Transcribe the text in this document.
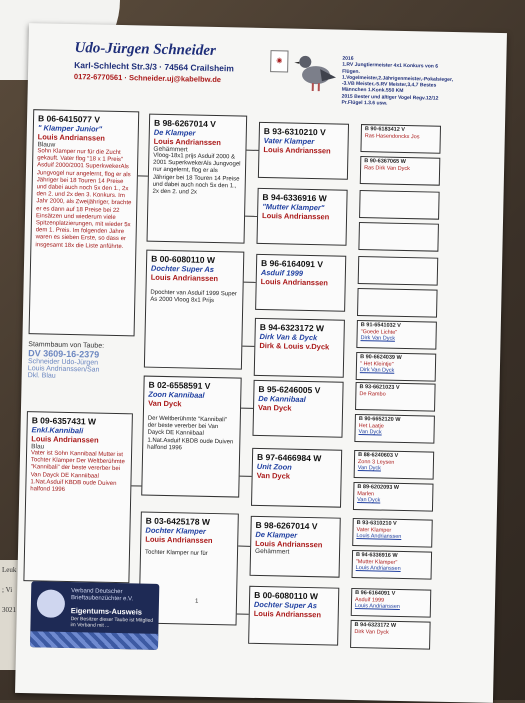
Leuk
; Vi
3021
Udo-Jürgen Schneider
Karl-Schlecht Str.3/3 · 74564 Crailsheim
0172-6770561 · Schneider.uj@kabelbw.de
◉	2016
1.RV Jungtiermeister 4x1 Konkurs von 6
Flügen.
1.Vogelmeister,2.Jährigenmeister,-Pokalsieger,
-3.VB Meister,-5.RV Meister,3,4,7 Bestes
Männchen 1.Konk.550 KM
2015 Bester und ältiger Vogel Regv.12/12
Pr.Flügel 1.3.6 usw.
B 06-6415077 V
" Klamper Junior"
Louis Andrianssen
Blauw
Sohn Klamper nur für die Zucht gekauft. Vater flog "18 x 1 Preis" Asduif 2000/2001 SuperkwekerAls Jungvogel nur angelernt, flog er als Jähriger bei 18 Touren 14 Preise und dabei auch noch 5x den 1., 2x den 2. und 2x den 3. Konkurs. Im Jahr 2000, als Zweijähriger, brachte er es dann auf 18 Preise bei 22 Einsätzen und wiederum viele Spitzenplatzierungen, mit wieder 5x dem 1. Preis. Im folgenden Jahre waren es sieben Erste, so dass er insgesamt 18x die Liste anführte.
Stammbaum von Taube:
DV 3609-16-2379
Schneider Udo-Jürgen
Louis Andrianssen/San
Dkl. Blau
B 09-6357431 W
Enkl.Kannibali
Louis Andrianssen
Blau
Vater ist Sohn Kannibaal Mutter ist Tochter Klamper Der Weltberühmte "Kannibali" der beste vererber bei Van Dayck DE Kanniibaal 1.Nat.Asduif KBDB oude Duiven halfond 1996
B 98-6267014 V
De Klamper
Louis Andrianssen
Gehämmert
Vloog-18x1 prijs Asduif 2000 & 2001 SuperkwekerAls Jungvogel nur angelernt, flog er als Jähriger bei 18 Touren 14 Preise und dabei auch noch 5x den 1., 2x den 2. und 2x
B 00-6080110 W
Dochter Super As
Louis Andrianssen
Dpochter van Asduif 1999 Super As 2000 Vloog 8x1 Prijs
B 02-6558591 V
Zoon Kannibaal
Van Dyck
Der Weltberühmte "Kannibali" der beste vererber bei Van Dayck DE Kanniibaal 1.Nat.Asduif KBDB oude Duiven halfond 1996
B 03-6425178 W
Dochter Klamper
Louis Andrianssen
Tochter Klamper nur für
1
B 93-6310210 V
Vater Klamper
Louis Andrianssen
B 94-6336916 W
"Mutter Klamper"
Louis Andrianssen
B 96-6164091 V
Asduif 1999
Louis Andrianssen
B 94-6323172 W
Dirk Van & Dyck
Dirk & Louis v.Dyck
B 95-6246005 V
De Kannibaal
Van Dyck
B 97-6466984 W
Unit Zoon
Van Dyck
B 98-6267014 V
De Klamper
Louis Andrianssen
Gehämmert
B 00-6080110 W
Dochter Super As
Louis Andrianssen
B 90-6183412 V
Ras Hasendonckx Jos
B 90-6367065 W
Ras Dirk Van Dyck
B 91-6541032 V
"Goede Lichte"
Dirk Van Dyck
B 90-6624039 W
" Het Kleintje"
Dirk Van Dyck
B 93-6621023 V
De Rambo
B 90-6652120 W
Het Laatje
Van Dyck
B 88-6240603 V
Zonn 3 Leysen
Van Dyck
B 89-6202093 W
Marlen
Van Dyck
B 93-6310210 V
Vater Klamper
Louis Andrianssen
B 94-6336916 W
"Mutter Klamper"
Louis Andrianssen
B 96-6164091 V
Asduif 1999
Louis Andrianssen
B 94-6323172 W
Dirk Van Dyck
Verband Deutscher
Brieftaubenzüchter e.V.
Eigentums-Ausweis
Der Besitzer dieser Taube ist Mitglied im Verband mit ...
